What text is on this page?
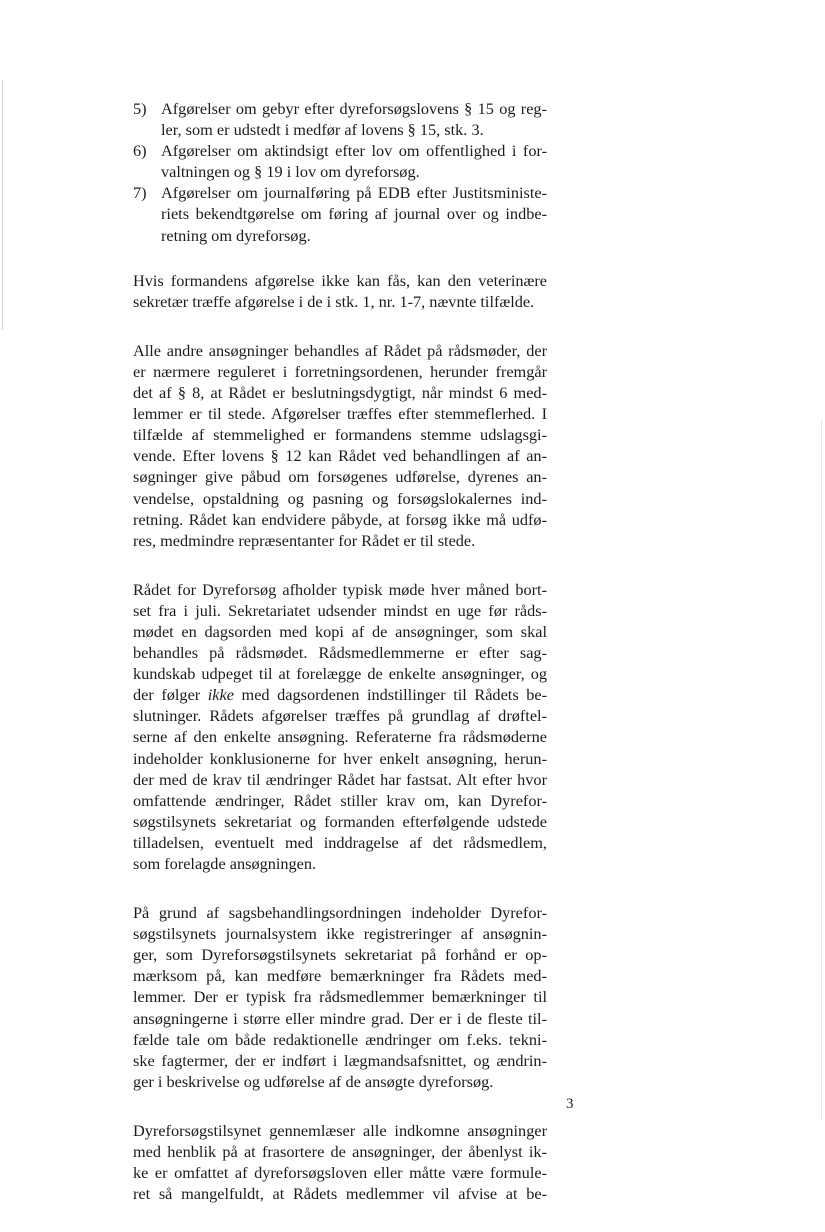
5) Afgørelser om gebyr efter dyreforsøgslovens § 15 og reg-
ler, som er udstedt i medfør af lovens § 15, stk. 3.
6) Afgørelser om aktindsigt efter lov om offentlighed i for-
valtningen og § 19 i lov om dyreforsøg.
7) Afgørelser om journalføring på EDB efter Justitsministe-
riets bekendtgørelse om føring af journal over og indbe-
retning om dyreforsøg.
Hvis formandens afgørelse ikke kan fås, kan den veterinære
sekretær træffe afgørelse i de i stk. 1, nr. 1-7, nævnte tilfælde.
Alle andre ansøgninger behandles af Rådet på rådsmøder, der
er nærmere reguleret i forretningsordenen, herunder fremgår
det af § 8, at Rådet er beslutningsdygtigt, når mindst 6 med-
lemmer er til stede. Afgørelser træffes efter stemmeflerhed. I
tilfælde af stemmelighed er formandens stemme udslagsgi-
vende. Efter lovens § 12 kan Rådet ved behandlingen af an-
søgninger give påbud om forsøgenes udførelse, dyrenes an-
vendelse, opstaldning og pasning og forsøgslokalernes ind-
retning. Rådet kan endvidere påbyde, at forsøg ikke må udfø-
res, medmindre repræsentanter for Rådet er til stede.
Rådet for Dyreforsøg afholder typisk møde hver måned bort-
set fra i juli. Sekretariatet udsender mindst en uge før råds-
mødet en dagsorden med kopi af de ansøgninger, som skal
behandles på rådsmødet. Rådsmedlemmerne er efter sag-
kundskab udpeget til at forelægge de enkelte ansøgninger, og
der følger ikke med dagsordenen indstillinger til Rådets be-
slutninger. Rådets afgørelser træffes på grundlag af drøftel-
serne af den enkelte ansøgning. Referaterne fra rådsmøderne
indeholder konklusionerne for hver enkelt ansøgning, herun-
der med de krav til ændringer Rådet har fastsat. Alt efter hvor
omfattende ændringer, Rådet stiller krav om, kan Dyrefor-
søgstilsynets sekretariat og formanden efterfølgende udstede
tilladelsen, eventuelt med inddragelse af det rådsmedlem,
som forelagde ansøgningen.
På grund af sagsbehandlingsordningen indeholder Dyrefor-
søgstilsynets journalsystem ikke registreringer af ansøgnin-
ger, som Dyreforsøgstilsynets sekretariat på forhånd er op-
mærksom på, kan medføre bemærkninger fra Rådets med-
lemmer. Der er typisk fra rådsmedlemmer bemærkninger til
ansøgningerne i større eller mindre grad. Der er i de fleste til-
fælde tale om både redaktionelle ændringer om f.eks. tekni-
ske fagtermer, der er indført i lægmandsafsnittet, og ændrin-
ger i beskrivelse og udførelse af de ansøgte dyreforsøg.
Dyreforsøgstilsynet gennemlæser alle indkomne ansøgninger
med henblik på at frasortere de ansøgninger, der åbenlyst ik-
ke er omfattet af dyreforsøgsloven eller måtte være formule-
ret så mangelfuldt, at Rådets medlemmer vil afvise at be-
3
